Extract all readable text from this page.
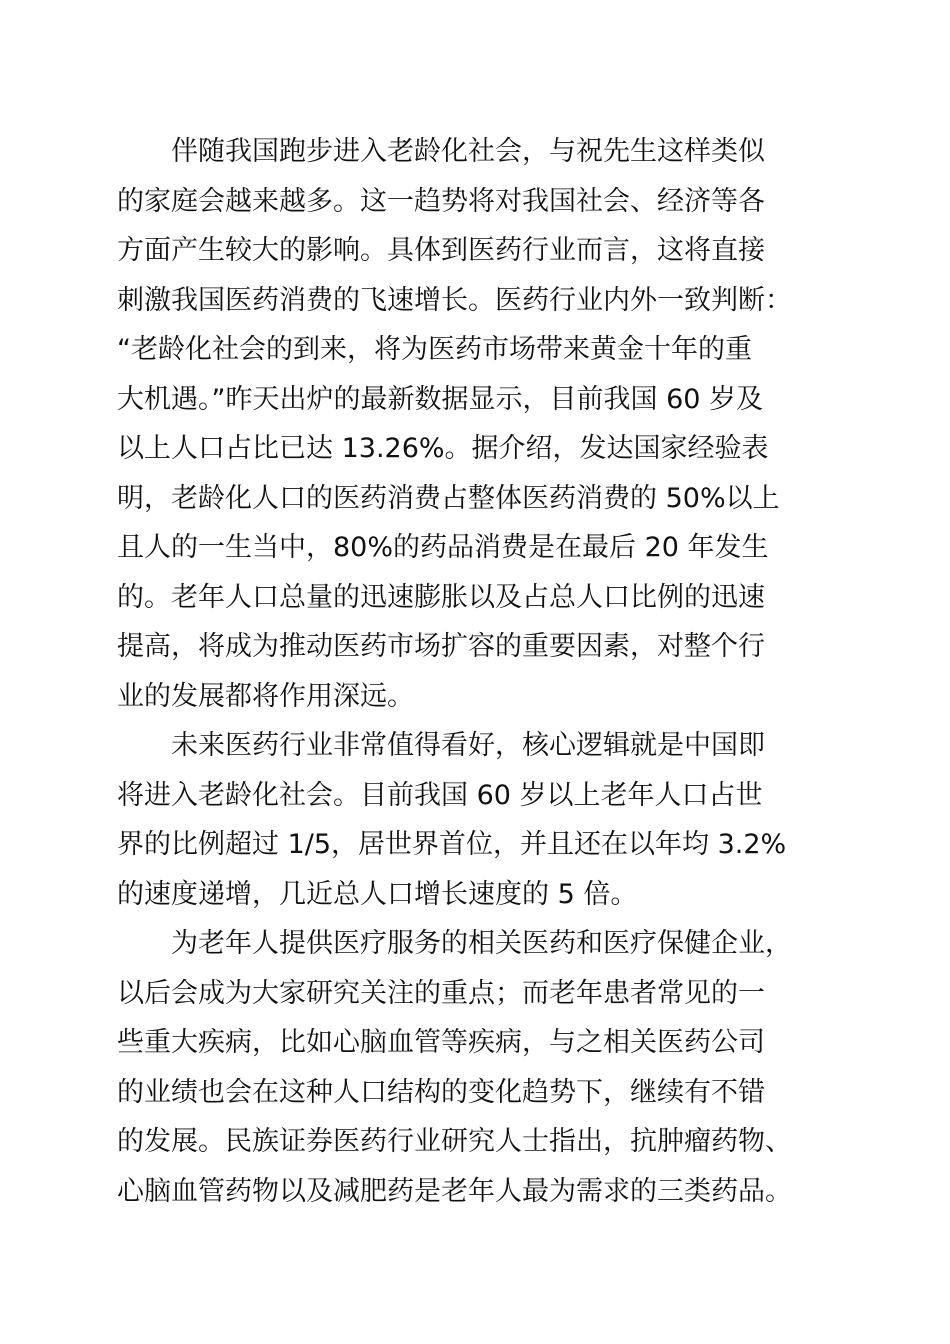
伴随我国跑步进入老龄化社会，与祝先生这样类似
的家庭会越来越多。这一趋势将对我国社会、经济等各
方面产生较大的影响。具体到医药行业而言，这将直接
刺激我国医药消费的飞速增长。医药行业内外一致判断：
“老龄化社会的到来，将为医药市场带来黄金十年的重
大机遇。”昨天出炉的最新数据显示，目前我国 60 岁及
以上人口占比已达 13.26%。据介绍，发达国家经验表
明，老龄化人口的医药消费占整体医药消费的 50%以上
且人的一生当中，80%的药品消费是在最后 20 年发生
的。老年人口总量的迅速膨胀以及占总人口比例的迅速
提高，将成为推动医药市场扩容的重要因素，对整个行
业的发展都将作用深远。

未来医药行业非常值得看好，核心逻辑就是中国即
将进入老龄化社会。目前我国 60 岁以上老年人口占世
界的比例超过 1/5，居世界首位，并且还在以年均 3.2%
的速度递增，几近总人口增长速度的 5 倍。

为老年人提供医疗服务的相关医药和医疗保健企业，
以后会成为大家研究关注的重点；而老年患者常见的一
些重大疾病，比如心脑血管等疾病，与之相关医药公司
的业绩也会在这种人口结构的变化趋势下，继续有不错
的发展。民族证券医药行业研究人士指出，抗肿瘤药物、
心脑血管药物以及减肥药是老年人最为需求的三类药品。
